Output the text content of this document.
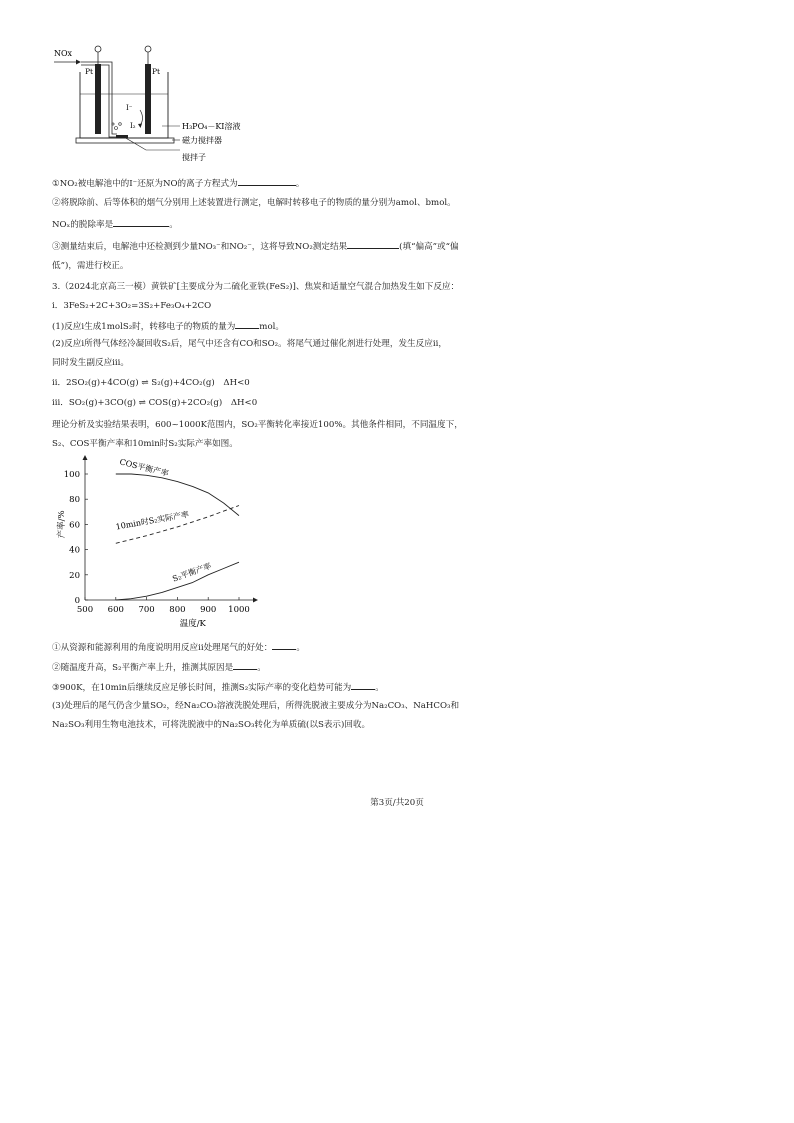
NOx
Pt	Pt
I⁻
I₂	H₃PO₄－KI溶液
磁力搅拌器
搅拌子
①NO₂被电解池中的I⁻还原为NO的离子方程式为	。
②将脱除前、后等体积的烟气分别用上述装置进行测定，电解时转移电子的物质的量分别为amol、bmol。
NOₓ的脱除率是	。
③测量结束后，电解池中还检测到少量NO₃⁻和NO₂⁻，这将导致NO₂测定结果	(填“偏高”或“偏
低”)，需进行校正。
3.（2024北京高三一模）黄铁矿[主要成分为二硫化亚铁(FeS₂)]、焦炭和适量空气混合加热发生如下反应：
i．3FeS₂+2C+3O₂=3S₂+Fe₃O₄+2CO
(1)反应ⅰ生成1molS₂时，转移电子的物质的量为	mol。
(2)反应ⅰ所得气体经冷凝回收S₂后，尾气中还含有CO和SO₂。将尾气通过催化剂进行处理，发生反应ii，
同时发生副反应iii。
ii．2SO₂(g)+4CO(g) ⇌ S₂(g)+4CO₂(g)　ΔH<0
iii．SO₂(g)+3CO(g) ⇌ COS(g)+2CO₂(g)　ΔH<0
理论分析及实验结果表明，600~1000K范围内，SO₂平衡转化率接近100%。其他条件相同，不同温度下，
S₂、COS平衡产率和10min时S₂实际产率如图。
①从资源和能源利用的角度说明用反应ii处理尾气的好处：	。
②随温度升高，S₂平衡产率上升，推测其原因是	。
③900K，在10min后继续反应足够长时间，推测S₂实际产率的变化趋势可能为	。
(3)处理后的尾气仍含少量SO₂，经Na₂CO₃溶液洗脱处理后，所得洗脱液主要成分为Na₂CO₃、NaHCO₃和
Na₂SO₃利用生物电池技术，可将洗脱液中的Na₂SO₃转化为单质硫(以S表示)回收。
500 600 700 800 900 1000
0
20
40
60
80
100
温度/K
产率/%
COS平衡产率
10min时S₂实际产率
S₂平衡产率
第3页/共20页
